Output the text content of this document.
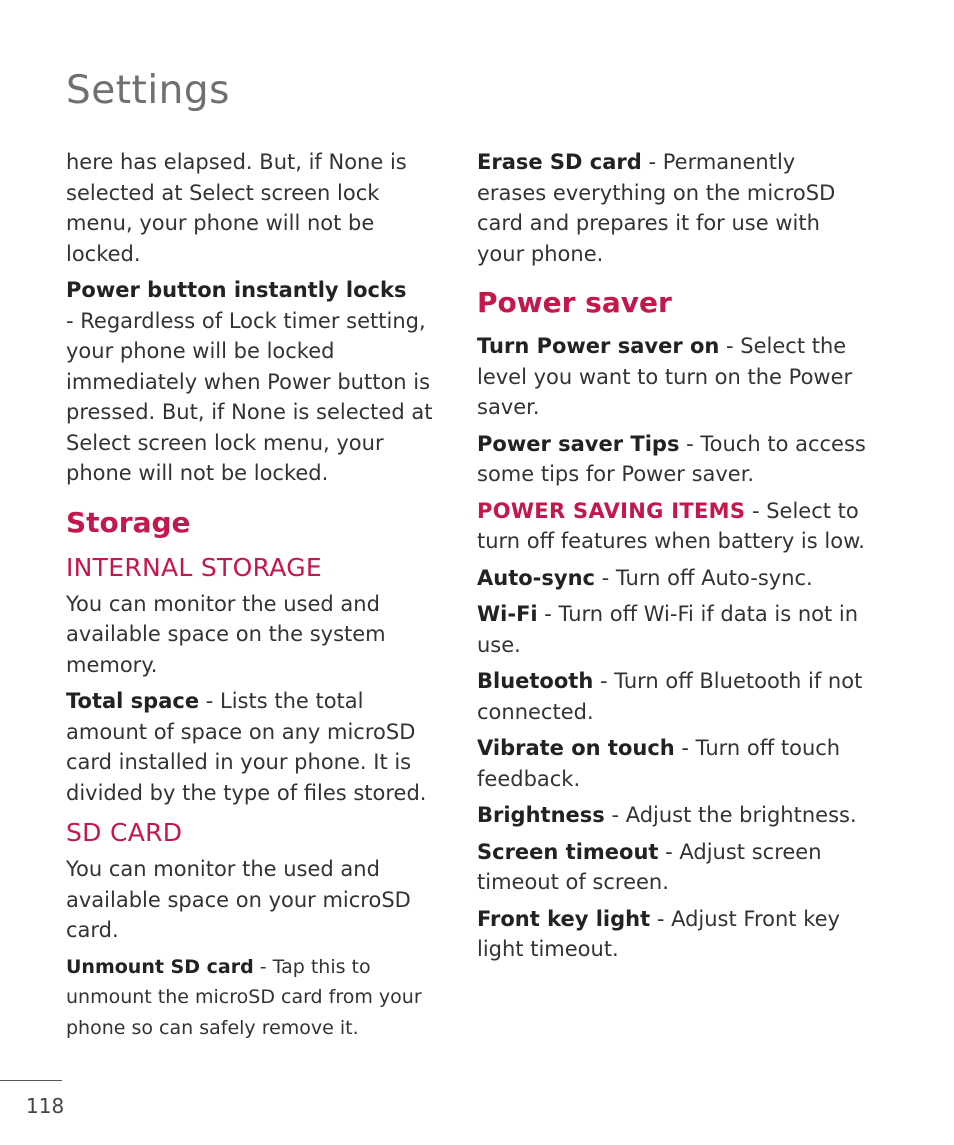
Settings

here has elapsed. But, if None is selected at Select screen lock menu, your phone will not be locked.

Power button instantly locks
- Regardless of Lock timer setting, your phone will be locked immediately when Power button is pressed. But, if None is selected at Select screen lock menu, your phone will not be locked.

Storage
INTERNAL STORAGE

You can monitor the used and available space on the system memory.

Total space - Lists the total amount of space on any microSD card installed in your phone. It is divided by the type of files stored.

SD CARD

You can monitor the used and available space on your microSD card.

Unmount SD card - Tap this to unmount the microSD card from your phone so can safely remove it.

Erase SD card - Permanently erases everything on the microSD card and prepares it for use with your phone.

Power saver

Turn Power saver on - Select the level you want to turn on the Power saver.

Power saver Tips - Touch to access some tips for Power saver.

POWER SAVING ITEMS - Select to turn off features when battery is low.

Auto-sync - Turn off Auto-sync.

Wi-Fi - Turn off Wi-Fi if data is not in use.

Bluetooth - Turn off Bluetooth if not connected.

Vibrate on touch - Turn off touch feedback.

Brightness - Adjust the brightness.

Screen timeout - Adjust screen timeout of screen.

Front key light - Adjust Front key light timeout.

118
